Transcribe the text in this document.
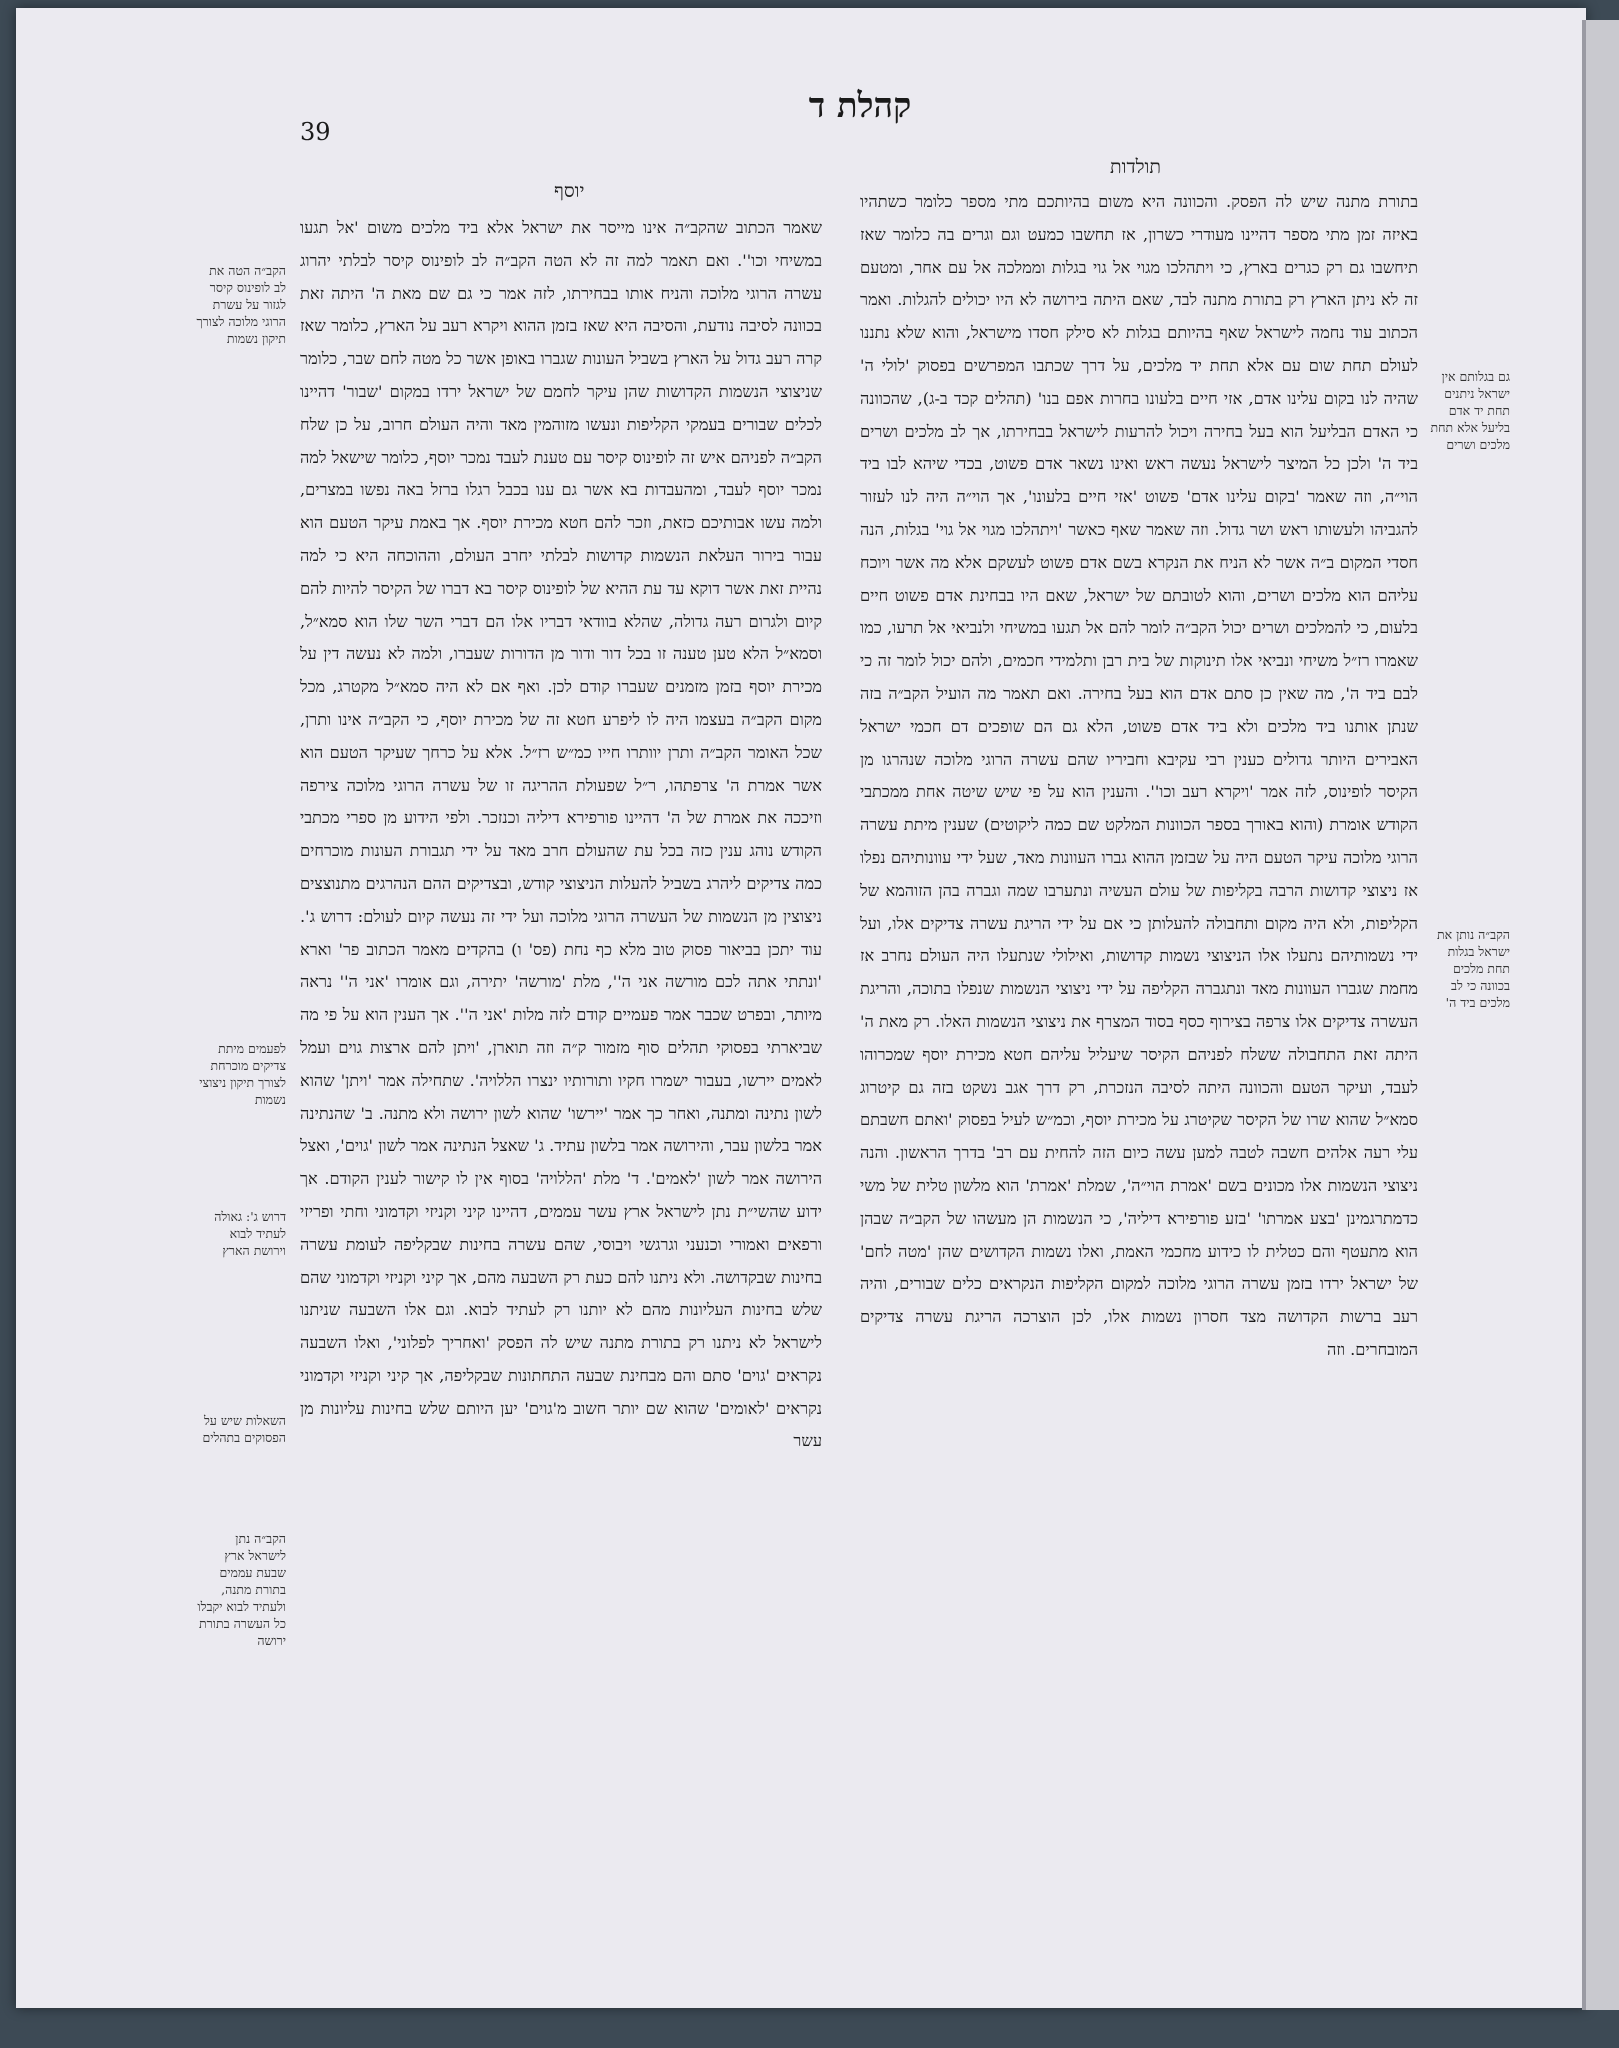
קהלת ד
39
תולדות
יוסף	בתורת מתנה שיש לה הפסק. והכוונה היא משום בהיותכם מתי מספר כלומר כשתהיו באיזה זמן מתי מספר דהיינו מעודרי כשרון, אז תחשבו כמעט וגם וגרים בה כלומר שאז תיחשבו גם רק כגרים בארץ, כי ויתהלכו מגוי אל גוי בגלות וממלכה אל עם אחר, ומטעם זה לא ניתן הארץ רק בתורת מתנה לבד, שאם היתה בירושה לא היו יכולים להגלות. ואמר הכתוב עוד נחמה לישראל שאף בהיותם בגלות לא סילק חסדו מישראל, והוא שלא נתננו לעולם תחת שום עם אלא תחת יד מלכים, על דרך שכתבו המפרשים בפסוק 'לולי ה' שהיה לנו בקום עלינו אדם, אזי חיים בלעונו בחרות אפם בנו' (תהלים קכד ב-ג), שהכוונה כי האדם הבליעל הוא בעל בחירה ויכול להרעות לישראל בבחירתו, אך לב מלכים ושרים ביד ה' ולכן כל המיצר לישראל נעשה ראש ואינו נשאר אדם פשוט, בכדי שיהא לבו ביד הוי״ה, וזה שאמר 'בקום עלינו אדם' פשוט 'אזי חיים בלעונו', אך הוי״ה היה לנו לעזור להגביהו ולעשותו ראש ושר גדול. וזה שאמר שאף כאשר 'ויתהלכו מגוי אל גוי' בגלות, הנה חסדי המקום ב״ה אשר לא הניח את הנקרא בשם אדם פשוט לעשקם אלא מה אשר ויוכח עליהם הוא מלכים ושרים, והוא לטובתם של ישראל, שאם היו בבחינת אדם פשוט חיים בלעום, כי להמלכים ושרים יכול הקב״ה לומר להם אל תגעו במשיחי ולנביאי אל תרעו, כמו שאמרו רז״ל משיחי ונביאי אלו תינוקות של בית רבן ותלמידי חכמים, ולהם יכול לומר זה כי לבם ביד ה', מה שאין כן סתם אדם הוא בעל בחירה. ואם תאמר מה הועיל הקב״ה בזה שנתן אותנו ביד מלכים ולא ביד אדם פשוט, הלא גם הם שופכים דם חכמי ישראל האבירים היותר גדולים כענין רבי עקיבא וחביריו שהם עשרה הרוגי מלוכה שנהרגו מן הקיסר לופינוס, לזה אמר 'ויקרא רעב וכו''. והענין הוא על פי שיש שיטה אחת ממכתבי הקודש אומרת (והוא באורך בספר הכוונות המלקט שם כמה ליקוטים) שענין מיתת עשרה הרוגי מלוכה עיקר הטעם היה על שבזמן ההוא גברו העוונות מאד, שעל ידי עוונותיהם נפלו אז ניצוצי קדושות הרבה בקליפות של עולם העשיה ונתערבו שמה וגברה בהן הזוהמא של הקליפות, ולא היה מקום ותחבולה להעלותן כי אם על ידי הריגת עשרה צדיקים אלו, ועל ידי נשמותיהם נתעלו אלו הניצוצי נשמות קדושות, ואילולי שנתעלו היה העולם נחרב אז מחמת שגברו העוונות מאד ונתגברה הקליפה על ידי ניצוצי הנשמות שנפלו בתוכה, והריגת העשרה צדיקים אלו צרפה בצירוף כסף בסוד המצרף את ניצוצי הנשמות האלו. רק מאת ה' היתה זאת התחבולה ששלח לפניהם הקיסר שיעליל עליהם חטא מכירת יוסף שמכרוהו לעבד, ועיקר הטעם והכוונה היתה לסיבה הנזכרת, רק דרך אגב נשקט בזה גם קיטרוג סמא״ל שהוא שרו של הקיסר שקיטרג על מכירת יוסף, וכמ״ש לעיל בפסוק 'ואתם חשבתם עלי רעה אלהים חשבה לטבה למען עשה כיום הזה להחית עם רב' בדרך הראשון. והנה ניצוצי הנשמות אלו מכונים בשם 'אמרת הוי״ה', שמלת 'אמרת' הוא מלשון טלית של משי כדמתרגמינן 'בצע אמרתו' 'בזע פורפירא דיליה', כי הנשמות הן מעשהו של הקב״ה שבהן הוא מתעטף והם כטלית לו כידוע מחכמי האמת, ואלו נשמות הקדושים שהן 'מטה לחם' של ישראל ירדו בזמן עשרה הרוגי מלוכה למקום הקליפות הנקראים כלים שבורים, והיה רעב ברשות הקדושה מצד חסרון נשמות אלו, לכן הוצרכה הריגת עשרה צדיקים המובחרים. וזה

שאמר הכתוב שהקב״ה אינו מייסר את ישראל אלא ביד מלכים משום 'אל תגעו במשיחי וכו''. ואם תאמר למה זה לא הטה הקב״ה לב לופינוס קיסר לבלתי יהרוג עשרה הרוגי מלוכה והניח אותו בבחירתו, לזה אמר כי גם שם מאת ה' היתה זאת בכוונה לסיבה נודעת, והסיבה היא שאז בזמן ההוא ויקרא רעב על הארץ, כלומר שאז קרה רעב גדול על הארץ בשביל העונות שגברו באופן אשר כל מטה לחם שבר, כלומר שניצוצי הנשמות הקדושות שהן עיקר לחמם של ישראל ירדו במקום 'שבור' דהיינו לכלים שבורים בעמקי הקליפות ונעשו מזוהמין מאד והיה העולם חרוב, על כן שלח הקב״ה לפניהם איש זה לופינוס קיסר עם טענת לעבד נמכר יוסף, כלומר שישאל למה נמכר יוסף לעבד, ומהעבדות בא אשר גם ענו בכבל רגלו ברזל באה נפשו במצרים, ולמה עשו אבותיכם כזאת, וזכר להם חטא מכירת יוסף. אך באמת עיקר הטעם הוא עבור בירור העלאת הנשמות קדושות לבלתי יחרב העולם, וההוכחה היא כי למה נהיית זאת אשר דוקא עד עת ההיא של לופינוס קיסר בא דברו של הקיסר להיות להם קיום ולגרום רעה גדולה, שהלא בוודאי דבריו אלו הם דברי השר שלו הוא סמא״ל, וסמא״ל הלא טען טענה זו בכל דור ודור מן הדורות שעברו, ולמה לא נעשה דין על מכירת יוסף בזמן מזמנים שעברו קודם לכן. ואף אם לא היה סמא״ל מקטרג, מכל מקום הקב״ה בעצמו היה לו ליפרע חטא זה של מכירת יוסף, כי הקב״ה אינו ותרן, שכל האומר הקב״ה ותרן יוותרו חייו כמ״ש רז״ל. אלא על כרחך שעיקר הטעם הוא אשר אמרת ה' צרפתהו, ר״ל שפעולת ההריגה זו של עשרה הרוגי מלוכה צירפה וזיככה את אמרת של ה' דהיינו פורפירא דיליה וכנזכר. ולפי הידוע מן ספרי מכתבי הקודש נוהג ענין כזה בכל עת שהעולם חרב מאד על ידי תגבורת העונות מוכרחים כמה צדיקים ליהרג בשביל להעלות הניצוצי קודש, ובצדיקים ההם הנהרגים מתנוצצים ניצוצין מן הנשמות של העשרה הרוגי מלוכה ועל ידי זה נעשה קיום לעולם: דרוש ג'. עוד יתכן בביאור פסוק טוב מלא כף נחת (פס' ו) בהקדים מאמר הכתוב פר' וארא 'ונתתי אתה לכם מורשה אני ה'', מלת 'מורשה' יתירה, וגם אומרו 'אני ה'' נראה מיותר, ובפרט שכבר אמר פעמיים קודם לזה מלות 'אני ה''. אך הענין הוא על פי מה שביארתי בפסוקי תהלים סוף מזמור ק״ה וזה תוארן, 'ויתן להם ארצות גוים ועמל לאמים יירשו, בעבור ישמרו חקיו ותורותיו ינצרו הללויה'. שתחילה אמר 'ויתן' שהוא לשון נתינה ומתנה, ואחר כך אמר 'יירשו' שהוא לשון ירושה ולא מתנה. ב' שהנתינה אמר בלשון עבר, והירושה אמר בלשון עתיד. ג' שאצל הנתינה אמר לשון 'גוים', ואצל הירושה אמר לשון 'לאמים'. ד' מלת 'הללויה' בסוף אין לו קישור לענין הקודם. אך ידוע שהשי״ת נתן לישראל ארץ עשר עממים, דהיינו קיני וקניזי וקדמוני וחתי ופריזי ורפאים ואמורי וכנעני וגרגשי ויבוסי, שהם עשרה בחינות שבקליפה לעומת עשרה בחינות שבקדושה. ולא ניתנו להם כעת רק השבעה מהם, אך קיני וקניזי וקדמוני שהם שלש בחינות העליונות מהם לא יותנו רק לעתיד לבוא. וגם אלו השבעה שניתנו לישראל לא ניתנו רק בתורת מתנה שיש לה הפסק 'ואחריך לפלוני', ואלו השבעה נקראים 'גוים' סתם והם מבחינת שבעה התחתונות שבקליפה, אך קיני וקניזי וקדמוני נקראים 'לאומים' שהוא שם יותר חשוב מ'גוים' יען היותם שלש בחינות עליונות מן עשר

גם בגלותם אין ישראל ניתנים תחת יד אדם בליעל אלא תחת מלכים ושרים
הקב״ה נותן את ישראל בגלות תחת מלכים בכוונה כי לב מלכים ביד ה'
הקב״ה הטה את לב לופינוס קיסר לגזור על עשרת הרוגי מלוכה לצורך תיקון נשמות
לפעמים מיתת צדיקים מוכרחת לצורך תיקון ניצוצי נשמות
דרוש ג': גאולה לעתיד לבוא וירושת הארץ
השאלות שיש על הפסוקים בתהלים
הקב״ה נתן לישראל ארץ שבעת עממים בתורת מתנה, ולעתיד לבוא יקבלו כל העשרה בתורת ירושה
